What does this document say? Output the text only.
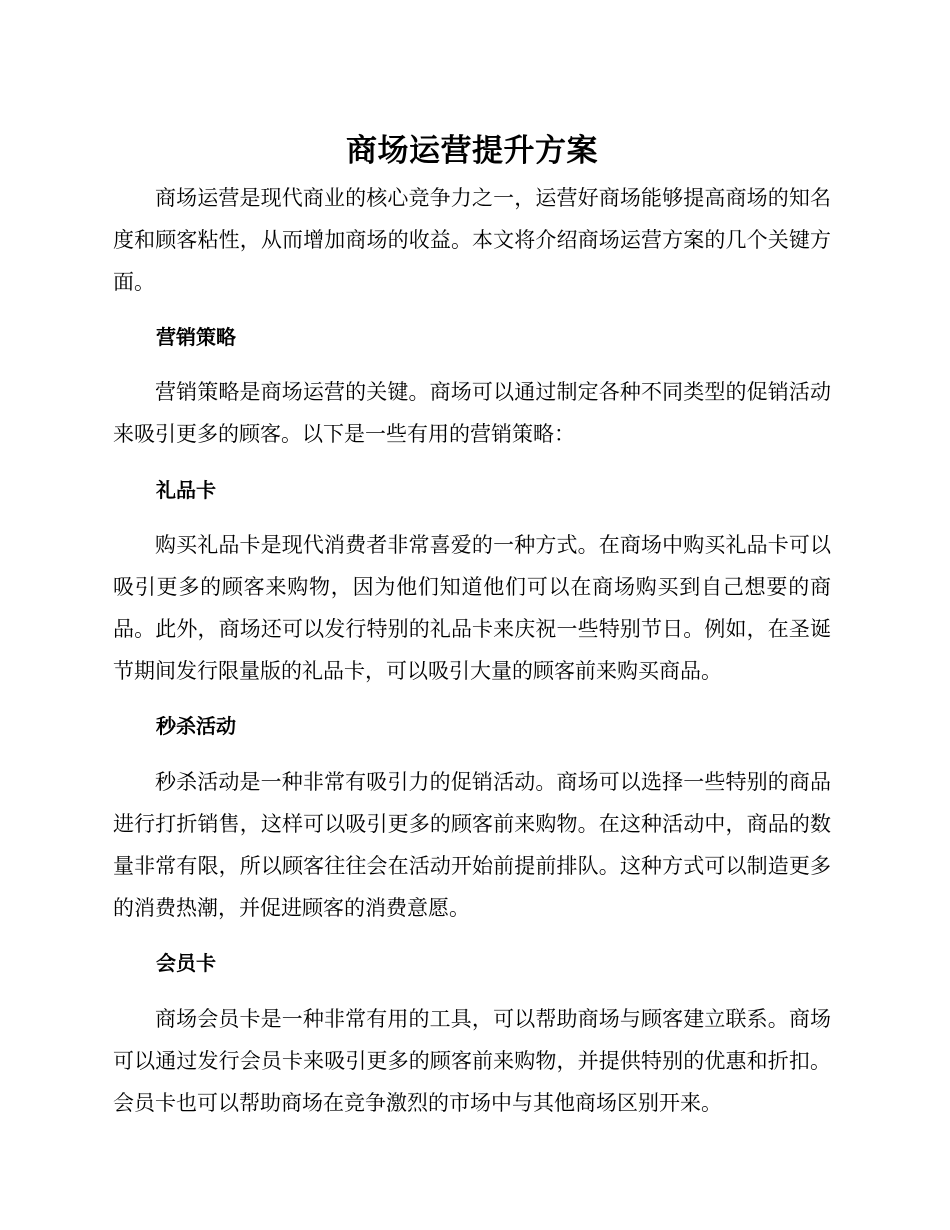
商场运营提升方案

商场运营是现代商业的核心竞争力之一，运营好商场能够提高商场的知名度和顾客粘性，从而增加商场的收益。本文将介绍商场运营方案的几个关键方面。

营销策略

营销策略是商场运营的关键。商场可以通过制定各种不同类型的促销活动来吸引更多的顾客。以下是一些有用的营销策略：

礼品卡

购买礼品卡是现代消费者非常喜爱的一种方式。在商场中购买礼品卡可以吸引更多的顾客来购物，因为他们知道他们可以在商场购买到自己想要的商品。此外，商场还可以发行特别的礼品卡来庆祝一些特别节日。例如，在圣诞节期间发行限量版的礼品卡，可以吸引大量的顾客前来购买商品。

秒杀活动

秒杀活动是一种非常有吸引力的促销活动。商场可以选择一些特别的商品进行打折销售，这样可以吸引更多的顾客前来购物。在这种活动中，商品的数量非常有限，所以顾客往往会在活动开始前提前排队。这种方式可以制造更多的消费热潮，并促进顾客的消费意愿。

会员卡

商场会员卡是一种非常有用的工具，可以帮助商场与顾客建立联系。商场可以通过发行会员卡来吸引更多的顾客前来购物，并提供特别的优惠和折扣。会员卡也可以帮助商场在竞争激烈的市场中与其他商场区别开来。
